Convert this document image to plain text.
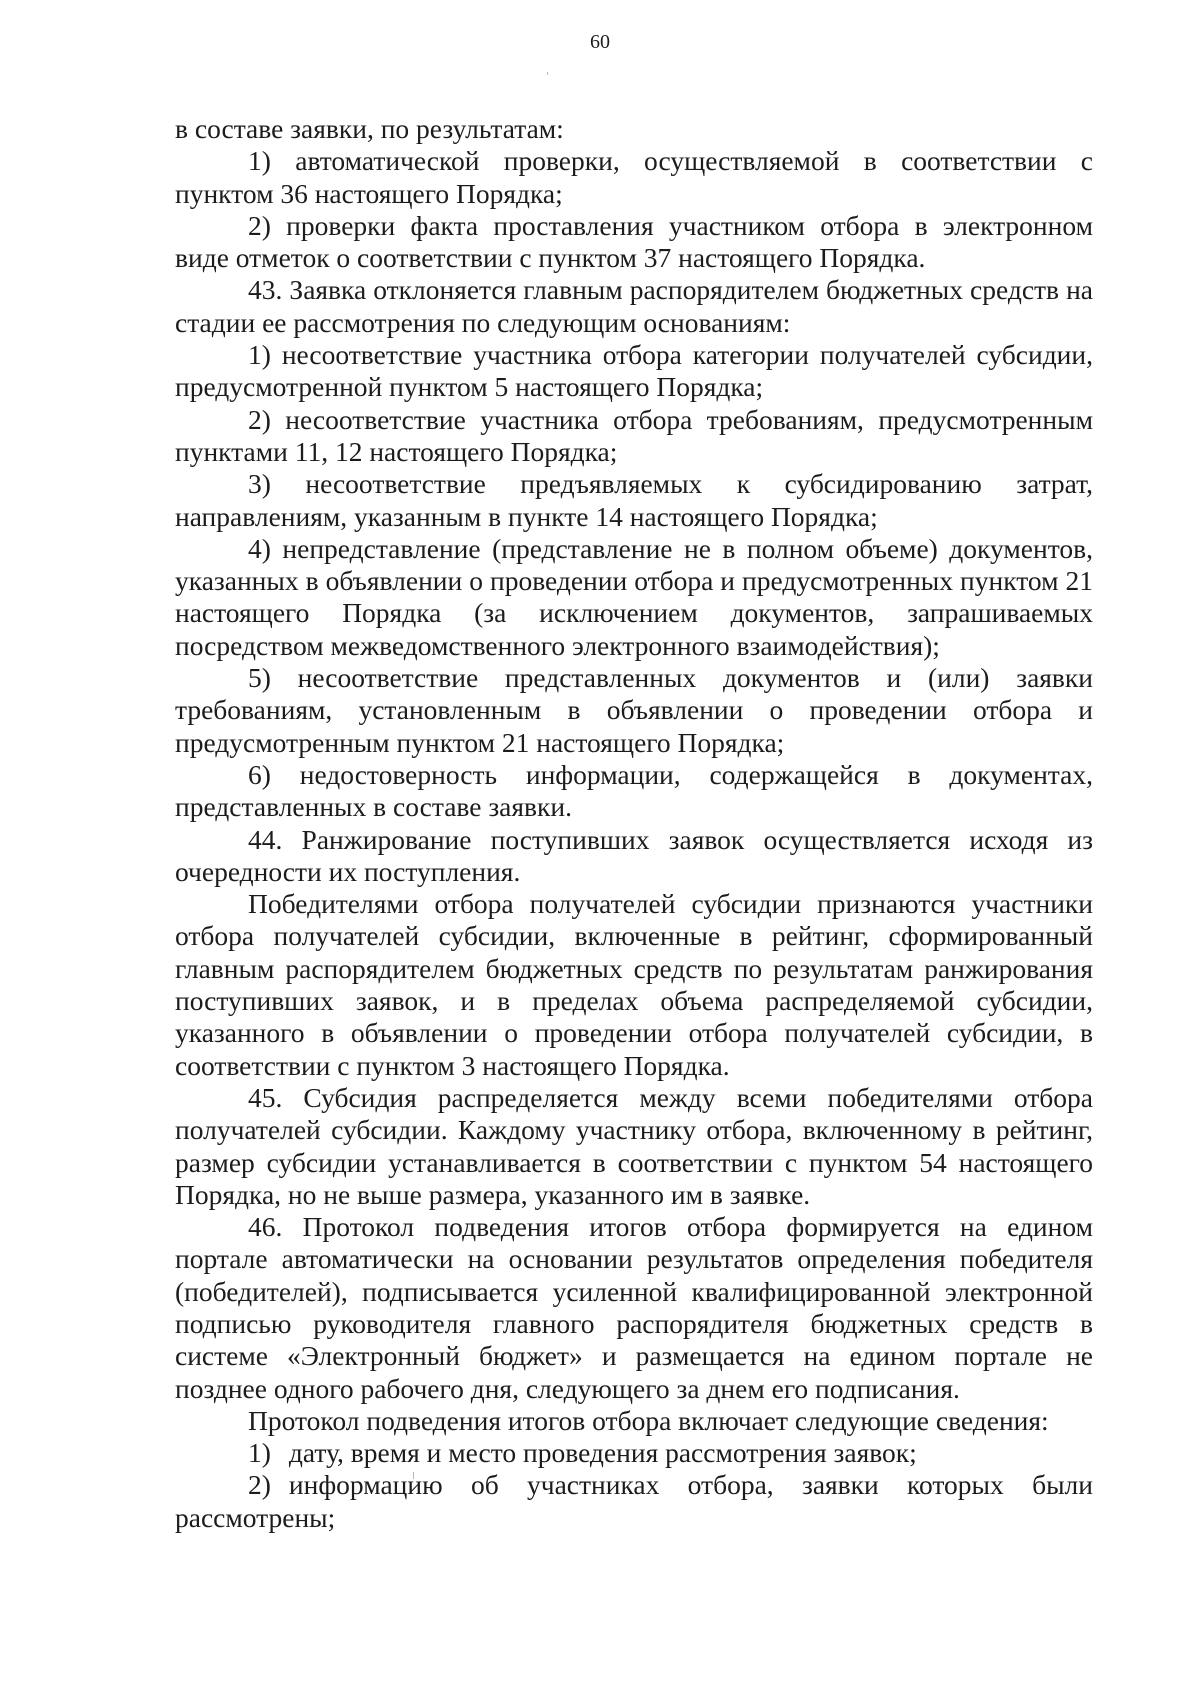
60

в составе заявки, по результатам:

1) автоматической проверки, осуществляемой в соответствии с пунктом 36 настоящего Порядка;

2) проверки факта проставления участником отбора в электронном виде отметок о соответствии с пунктом 37 настоящего Порядка.

43. Заявка отклоняется главным распорядителем бюджетных средств на стадии ее рассмотрения по следующим основаниям:

1) несоответствие участника отбора категории получателей субсидии, предусмотренной пунктом 5 настоящего Порядка;

2) несоответствие участника отбора требованиям, предусмотренным пунктами 11, 12 настоящего Порядка;

3) несоответствие предъявляемых к субсидированию затрат, направлениям, указанным в пункте 14 настоящего Порядка;

4) непредставление (представление не в полном объеме) документов, указанных в объявлении о проведении отбора и предусмотренных пунктом 21 настоящего Порядка (за исключением документов, запрашиваемых посредством межведомственного электронного взаимодействия);

5) несоответствие представленных документов и (или) заявки требованиям, установленным в объявлении о проведении отбора и предусмотренным пунктом 21 настоящего Порядка;

6) недостоверность информации, содержащейся в документах, представленных в составе заявки.

44. Ранжирование поступивших заявок осуществляется исходя из очередности их поступления.

Победителями отбора получателей субсидии признаются участники отбора получателей субсидии, включенные в рейтинг, сформированный главным распорядителем бюджетных средств по результатам ранжирования поступивших заявок, и в пределах объема распределяемой субсидии, указанного в объявлении о проведении отбора получателей субсидии, в соответствии с пунктом 3 настоящего Порядка.

45. Субсидия распределяется между всеми победителями отбора получателей субсидии. Каждому участнику отбора, включенному в рейтинг, размер субсидии устанавливается в соответствии с пунктом 54 настоящего Порядка, но не выше размера, указанного им в заявке.

46. Протокол подведения итогов отбора формируется на едином портале автоматически на основании результатов определения победителя (победителей), подписывается усиленной квалифицированной электронной подписью руководителя главного распорядителя бюджетных средств в системе «Электронный бюджет» и размещается на едином портале не позднее одного рабочего дня, следующего за днем его подписания.

Протокол подведения итогов отбора включает следующие сведения:

1) дату, время и место проведения рассмотрения заявок;

2) информацию об участниках отбора, заявки которых были рассмотрены;
